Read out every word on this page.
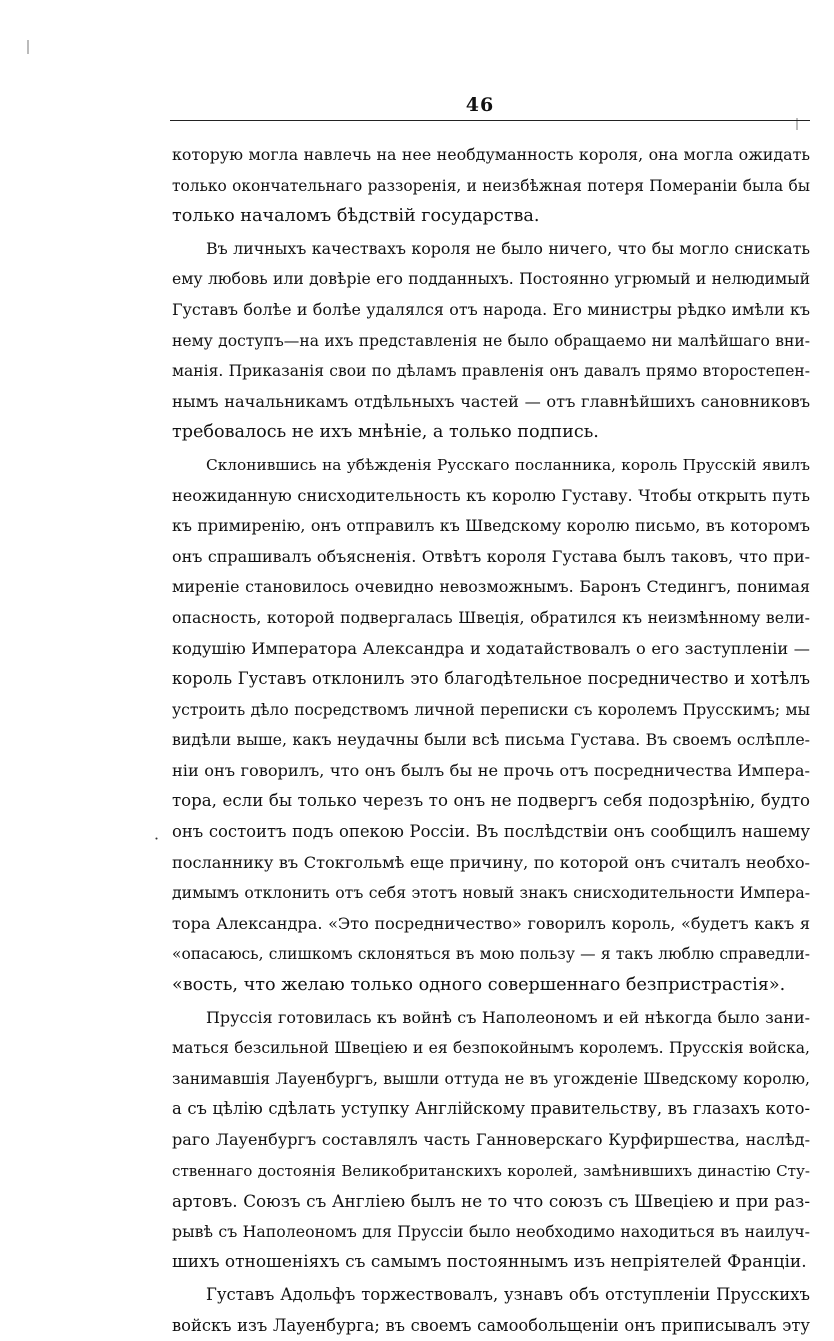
˙
46
которую могла навлечь на нее необдуманность короля, она могла ожидать
только окончательнаго раззоренія, и неизбѣжная потеря Помераніи была бы
только началомъ бѣдствій государства.
Въ личныхъ качествахъ короля не было ничего, что бы могло снискать
ему любовь или довѣріе его подданныхъ. Постоянно угрюмый и нелюдимый
Густавъ болѣе и болѣе удалялся отъ народа. Его министры рѣдко имѣли къ
нему доступъ—на ихъ представленія не было обращаемо ни малѣйшаго вни-
манія. Приказанія свои по дѣламъ правленія онъ давалъ прямо второстепен-
нымъ начальникамъ отдѣльныхъ частей — отъ главнѣйшихъ сановниковъ
требовалось не ихъ мнѣніе, а только подпись.
Склонившись на убѣжденія Русскаго посланника, король Прусскій явилъ
неожиданную снисходительность къ королю Густаву. Чтобы открыть путь
къ примиренію, онъ отправилъ къ Шведскому королю письмо, въ которомъ
онъ спрашивалъ объясненія. Отвѣтъ короля Густава былъ таковъ, что при-
миреніе становилось очевидно невозможнымъ. Баронъ Стедингъ, понимая
опасность, которой подвергалась Швеція, обратился къ неизмѣнному вели-
кодушію Императора Александра и ходатайствовалъ о его заступленіи —
король Густавъ отклонилъ это благодѣтельное посредничество и хотѣлъ
устроить дѣло посредствомъ личной переписки съ королемъ Прусскимъ; мы
видѣли выше, какъ неудачны были всѣ письма Густава. Въ своемъ ослѣпле-
ніи онъ говорилъ, что онъ былъ бы не прочь отъ посредничества Импера-
тора, если бы только черезъ то онъ не подвергъ себя подозрѣнію, будто
онъ состоитъ подъ опекою Россіи. Въ послѣдствіи онъ сообщилъ нашему
посланнику въ Стокгольмѣ еще причину, по которой онъ считалъ необхо-
димымъ отклонить отъ себя этотъ новый знакъ снисходительности Импера-
тора Александра. «Это посредничество» говорилъ король, «будетъ какъ я
«опасаюсь, слишкомъ склоняться въ мою пользу — я такъ люблю справедли-
«вость, что желаю только одного совершеннаго безпристрастія».
Пруссія готовилась къ войнѣ съ Наполеономъ и ей нѣкогда было зани-
маться безсильной Швеціею и ея безпокойнымъ королемъ. Прусскія войска,
занимавшія Лауенбургъ, вышли оттуда не въ угожденіе Шведскому королю,
а съ цѣлію сдѣлать уступку Англійскому правительству, въ глазахъ кото-
раго Лауенбургъ составлялъ часть Ганноверскаго Курфиршества, наслѣд-
ственнаго достоянія Великобританскихъ королей, замѣнившихъ династію Сту-
артовъ. Союзъ съ Англіею былъ не то что союзъ съ Швеціею и при раз-
рывѣ съ Наполеономъ для Пруссіи было необходимо находиться въ наилуч-
шихъ отношеніяхъ съ самымъ постояннымъ изъ непріятелей Франціи.
Густавъ Адольфъ торжествовалъ, узнавъ объ отступленіи Прусскихъ
войскъ изъ Лауенбурга; въ своемъ самообольщеніи онъ приписывалъ эту
